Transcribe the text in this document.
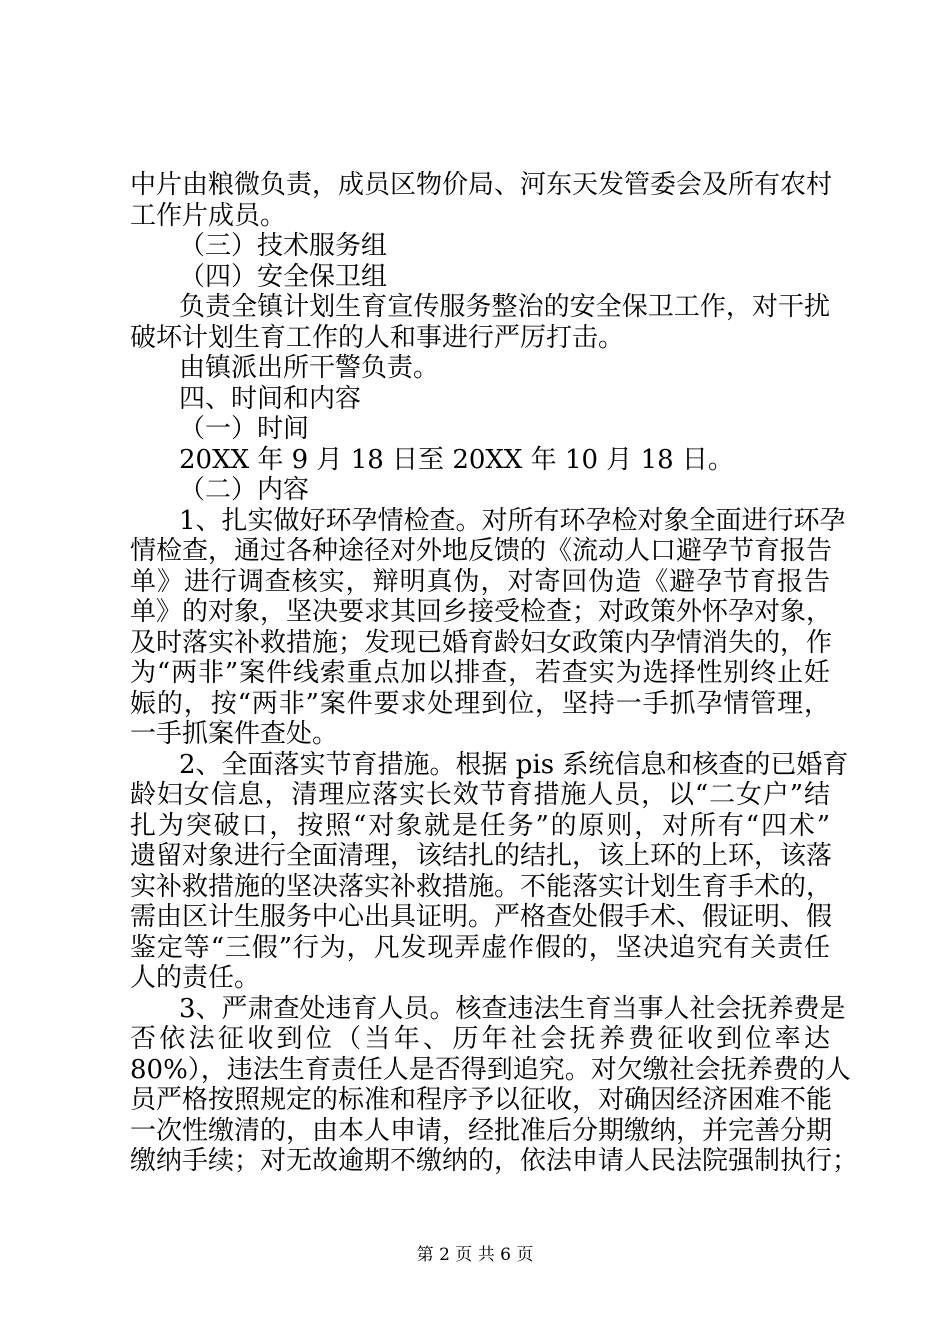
中片由粮微负责，成员区物价局、河东天发管委会及所有农村
工作片成员。
（三）技术服务组
（四）安全保卫组
负责全镇计划生育宣传服务整治的安全保卫工作，对干扰
破坏计划生育工作的人和事进行严厉打击。
由镇派出所干警负责。
四、时间和内容
（一）时间
20XX 年 9 月 18 日至 20XX 年 10 月 18 日。
（二）内容
1、扎实做好环孕情检查。对所有环孕检对象全面进行环孕
情检查，通过各种途径对外地反馈的《流动人口避孕节育报告
单》进行调查核实，辩明真伪，对寄回伪造《避孕节育报告
单》的对象，坚决要求其回乡接受检查；对政策外怀孕对象，
及时落实补救措施；发现已婚育龄妇女政策内孕情消失的，作
为“两非”案件线索重点加以排查，若查实为选择性别终止妊
娠的，按“两非”案件要求处理到位，坚持一手抓孕情管理，
一手抓案件查处。
2、全面落实节育措施。根据 pis 系统信息和核查的已婚育
龄妇女信息，清理应落实长效节育措施人员，以“二女户”结
扎为突破口，按照“对象就是任务”的原则，对所有“四术”
遗留对象进行全面清理，该结扎的结扎，该上环的上环，该落
实补救措施的坚决落实补救措施。不能落实计划生育手术的，
需由区计生服务中心出具证明。严格查处假手术、假证明、假
鉴定等“三假”行为，凡发现弄虚作假的，坚决追究有关责任
人的责任。
3、严肃查处违育人员。核查违法生育当事人社会抚养费是
否依法征收到位（当年、历年社会抚养费征收到位率达
80%），违法生育责任人是否得到追究。对欠缴社会抚养费的人
员严格按照规定的标准和程序予以征收，对确因经济困难不能
一次性缴清的，由本人申请，经批准后分期缴纳，并完善分期
缴纳手续；对无故逾期不缴纳的，依法申请人民法院强制执行；
第 2 页 共 6 页
